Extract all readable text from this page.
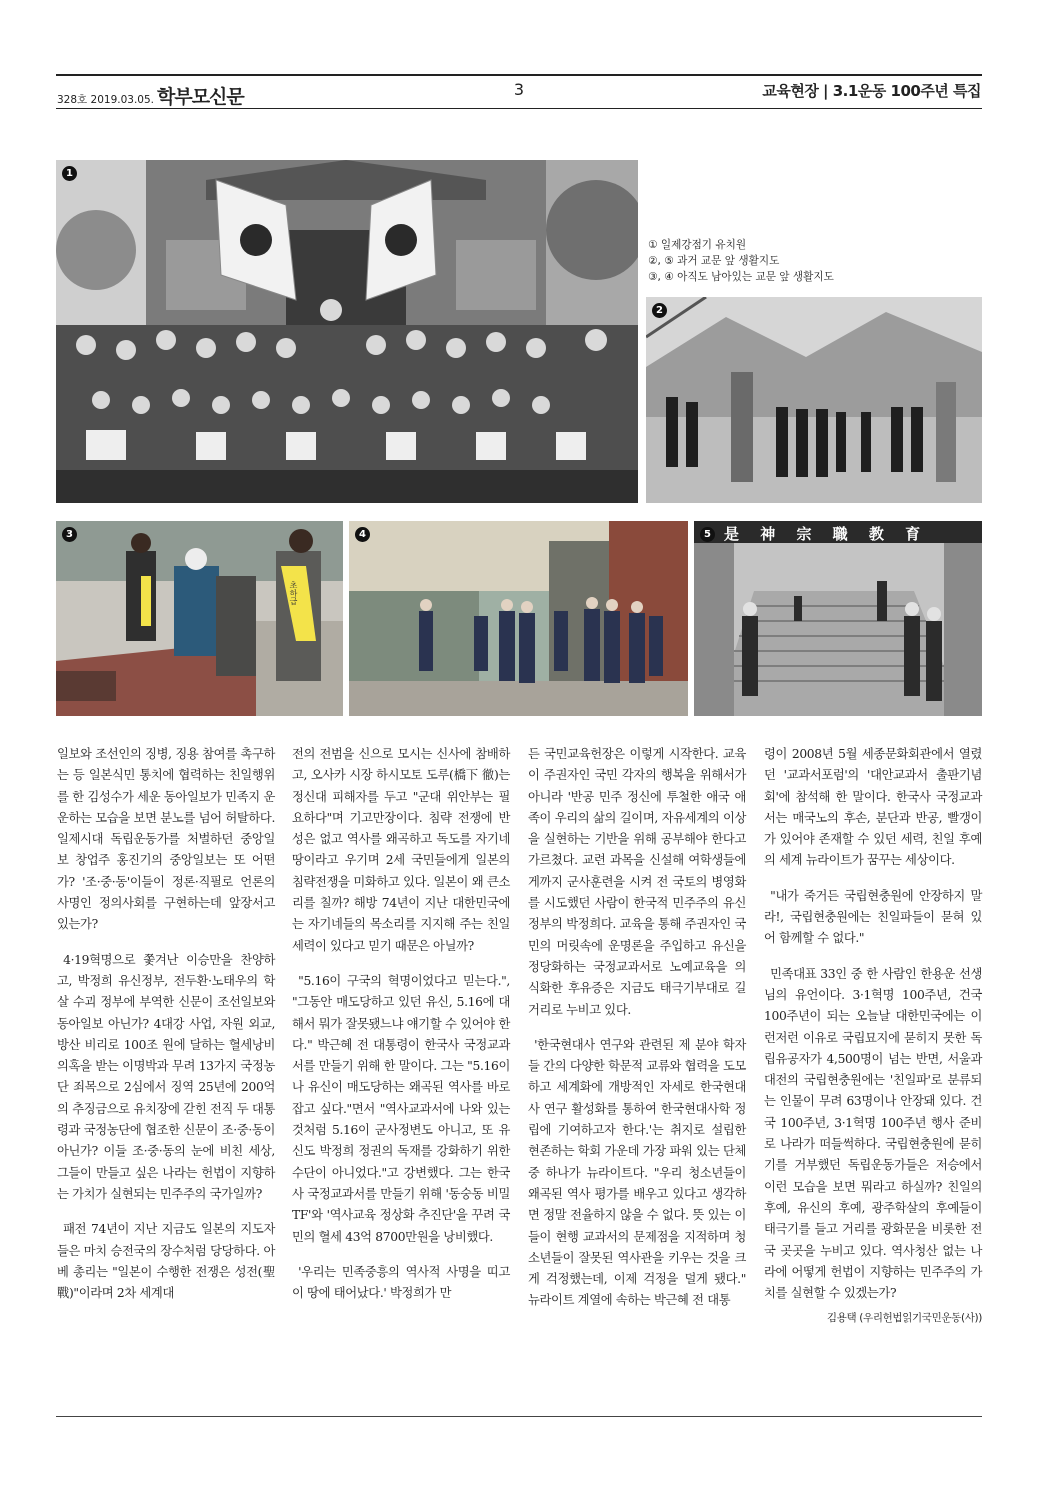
328호 2019.03.05. 학부모신문	3	교육현장 | 3.1운동 100주년 특집
1
① 일제강점기 유치원
②, ⑤ 과거 교문 앞 생활지도
③, ④ 아직도 남아있는 교문 앞 생활지도
2
3
초하급
4	是 神 宗 職 教 育
5

일보와 조선인의 징병, 징용 참여를 촉구하는 등 일본식민 통치에 협력하는 친일행위를 한 김성수가 세운 동아일보가 민족지 운운하는 모습을 보면 분노를 넘어 허탈하다. 일제시대 독립운동가를 처벌하던 중앙일보 창업주 홍진기의 중앙일보는 또 어떤가? '조·중·동'이들이 정론·직필로 언론의 사명인 정의사회를 구현하는데 앞장서고 있는가?

4·19혁명으로 쫓겨난 이승만을 찬양하고, 박정희 유신정부, 전두환·노태우의 학살 수괴 정부에 부역한 신문이 조선일보와 동아일보 아닌가? 4대강 사업, 자원 외교, 방산 비리로 100조 원에 달하는 혈세낭비 의혹을 받는 이명박과 무려 13가지 국정농단 죄목으로 2심에서 징역 25년에 200억의 추징금으로 유치장에 갇힌 전직 두 대통령과 국정농단에 협조한 신문이 조·중·동이 아닌가? 이들 조·중·동의 눈에 비친 세상, 그들이 만들고 싶은 나라는 헌법이 지향하는 가치가 실현되는 민주주의 국가일까?

패전 74년이 지난 지금도 일본의 지도자들은 마치 승전국의 장수처럼 당당하다. 아베 총리는 "일본이 수행한 전쟁은 성전(聖戰)"이라며 2차 세계대

전의 전범을 신으로 모시는 신사에 참배하고, 오사카 시장 하시모토 도루(橋下 徹)는 정신대 피해자를 두고 "군대 위안부는 필요하다"며 기고만장이다. 침략 전쟁에 반성은 없고 역사를 왜곡하고 독도를 자기네 땅이라고 우기며 2세 국민들에게 일본의 침략전쟁을 미화하고 있다. 일본이 왜 큰소리를 칠까? 해방 74년이 지난 대한민국에는 자기네들의 목소리를 지지해 주는 친일 세력이 있다고 믿기 때문은 아닐까?

"5.16이 구국의 혁명이었다고 믿는다.", "그동안 매도당하고 있던 유신, 5.16에 대해서 뭐가 잘못됐느냐 얘기할 수 있어야 한다." 박근혜 전 대통령이 한국사 국정교과서를 만들기 위해 한 말이다. 그는 "5.16이나 유신이 매도당하는 왜곡된 역사를 바로잡고 싶다."면서 "역사교과서에 나와 있는 것처럼 5.16이 군사정변도 아니고, 또 유신도 박정희 정권의 독재를 강화하기 위한 수단이 아니었다."고 강변했다. 그는 한국사 국정교과서를 만들기 위해 '동숭동 비밀 TF'와 '역사교육 정상화 추진단'을 꾸려 국민의 혈세 43억 8700만원을 낭비했다.

'우리는 민족중흥의 역사적 사명을 띠고 이 땅에 태어났다.' 박정희가 만

든 국민교육헌장은 이렇게 시작한다. 교육이 주권자인 국민 각자의 행복을 위해서가 아니라 '반공 민주 정신에 투철한 애국 애족이 우리의 삶의 길이며, 자유세계의 이상을 실현하는 기반을 위해 공부해야 한다고 가르쳤다. 교련 과목을 신설해 여학생들에게까지 군사훈련을 시켜 전 국토의 병영화를 시도했던 사람이 한국적 민주주의 유신정부의 박정희다. 교육을 통해 주권자인 국민의 머릿속에 운명론을 주입하고 유신을 정당화하는 국정교과서로 노예교육을 의식화한 후유증은 지금도 태극기부대로 길거리로 누비고 있다.

'한국현대사 연구와 관련된 제 분야 학자들 간의 다양한 학문적 교류와 협력을 도모하고 세계화에 개방적인 자세로 한국현대사 연구 활성화를 통하여 한국현대사학 정립에 기여하고자 한다.'는 취지로 설립한 현존하는 학회 가운데 가장 파워 있는 단체 중 하나가 뉴라이트다. "우리 청소년들이 왜곡된 역사 평가를 배우고 있다고 생각하면 정말 전율하지 않을 수 없다. 뜻 있는 이들이 현행 교과서의 문제점을 지적하며 청소년들이 잘못된 역사관을 키우는 것을 크게 걱정했는데, 이제 걱정을 덜게 됐다." 뉴라이트 계열에 속하는 박근혜 전 대통

령이 2008년 5월 세종문화회관에서 열렸던 '교과서포럼'의 '대안교과서 출판기념회'에 참석해 한 말이다. 한국사 국정교과서는 매국노의 후손, 분단과 반공, 빨갱이가 있어야 존재할 수 있던 세력, 친일 후예의 세계 뉴라이트가 꿈꾸는 세상이다.

"내가 죽거든 국립현충원에 안장하지 말라!, 국립현충원에는 친일파들이 묻혀 있어 함께할 수 없다."

민족대표 33인 중 한 사람인 한용운 선생님의 유언이다. 3·1혁명 100주년, 건국 100주년이 되는 오늘날 대한민국에는 이런저런 이유로 국립묘지에 묻히지 못한 독립유공자가 4,500명이 넘는 반면, 서울과 대전의 국립현충원에는 '친일파'로 분류되는 인물이 무려 63명이나 안장돼 있다. 건국 100주년, 3·1혁명 100주년 행사 준비로 나라가 떠들썩하다. 국립현충원에 묻히기를 거부했던 독립운동가들은 저승에서 이런 모습을 보면 뭐라고 하실까? 친일의 후예, 유신의 후예, 광주학살의 후예들이 태극기를 들고 거리를 광화문을 비롯한 전국 곳곳을 누비고 있다. 역사청산 없는 나라에 어떻게 헌법이 지향하는 민주주의 가치를 실현할 수 있겠는가?

김용택 (우리헌법읽기국민운동(사))
